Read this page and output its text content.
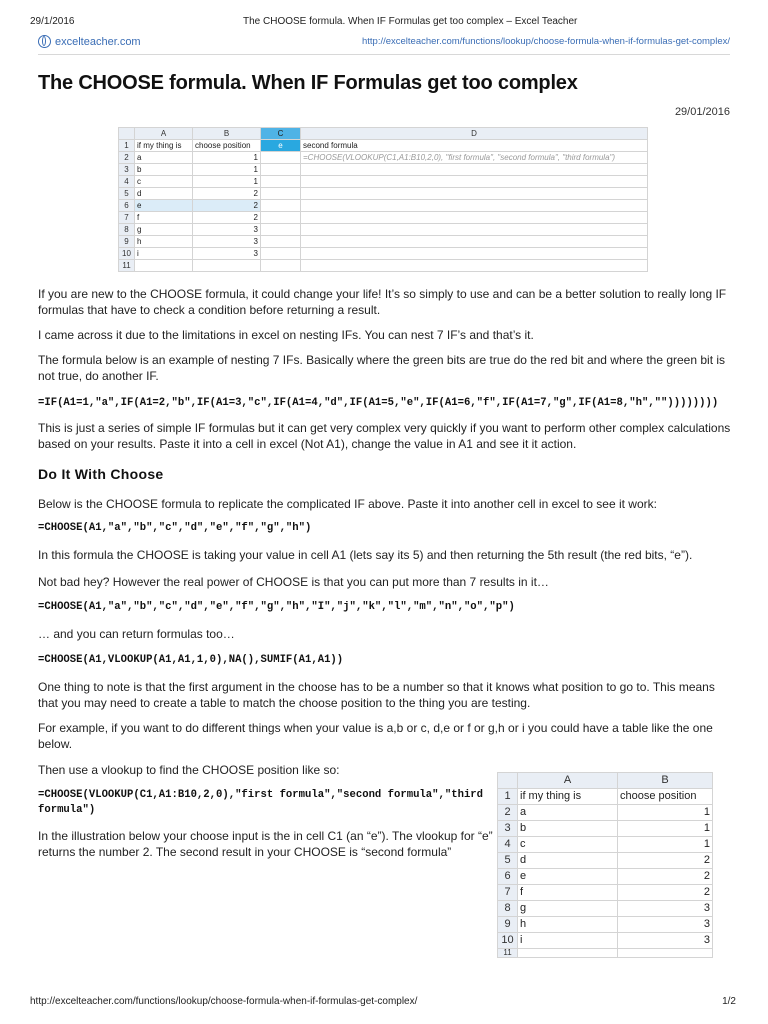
29/1/2016	The CHOOSE formula. When IF Formulas get too complex – Excel Teacher
excelteacher.com	http://excelteacher.com/functions/lookup/choose-formula-when-if-formulas-get-complex/
The CHOOSE formula. When IF Formulas get too complex
29/01/2016
	A	B	C	D
1	if my thing is	choose position	e	second formula
2	a	1		=CHOOSE(VLOOKUP(C1,A1:B10,2,0), "first formula", "second formula", "third formula")
3	b	1		
4	c	1		
5	d	2		
6	e	2		
7	f	2		
8	g	3		
9	h	3		
10	i	3		
11				
If you are new to the CHOOSE formula, it could change your life! It’s so simply to use and can be a better solution to really long IF formulas that have to check a condition before returning a result.
I came across it due to the limitations in excel on nesting IFs. You can nest 7 IF’s and that’s it.
The formula below is an example of nesting 7 IFs. Basically where the green bits are true do the red bit and where the green bit is not true, do another IF.
=IF(A1=1,"a",IF(A1=2,"b",IF(A1=3,"c",IF(A1=4,"d",IF(A1=5,"e",IF(A1=6,"f",IF(A1=7,"g",IF(A1=8,"h",""))))))))
This is just a series of simple IF formulas but it can get very complex very quickly if you want to perform other complex calculations based on your results. Paste it into a cell in excel (Not A1), change the value in A1 and see it it action.
Do It With Choose
Below is the CHOOSE formula to replicate the complicated IF above. Paste it into another cell in excel to see it work:
=CHOOSE(A1,"a","b","c","d","e","f","g","h")
In this formula the CHOOSE is taking your value in cell A1 (lets say its 5) and then returning the 5th result (the red bits, “e”).
Not bad hey? However the real power of CHOOSE is that you can put more than 7 results in it…
=CHOOSE(A1,"a","b","c","d","e","f","g","h","I","j","k","l","m","n","o","p")
… and you can return formulas too…
=CHOOSE(A1,VLOOKUP(A1,A1,1,0),NA(),SUMIF(A1,A1))
One thing to note is that the first argument in the choose has to be a number so that it knows what position to go to. This means that you may need to create a table to match the choose position to the thing you are testing.
For example, if you want to do different things when your value is a,b or c, d,e or f or g,h or i you could have a table like the one below.
Then use a vlookup to find the CHOOSE position like so:
=CHOOSE(VLOOKUP(C1,A1:B10,2,0),"first formula","second formula","third
formula")
In the illustration below your choose input is the in cell C1 (an “e”). The vlookup for “e” returns the number 2. The second result in your CHOOSE is “second formula”
	A	B
1	if my thing is	choose position
2	a	1
3	b	1
4	c	1
5	d	2
6	e	2
7	f	2
8	g	3
9	h	3
10	i	3
11		
http://excelteacher.com/functions/lookup/choose-formula-when-if-formulas-get-complex/	1/2
